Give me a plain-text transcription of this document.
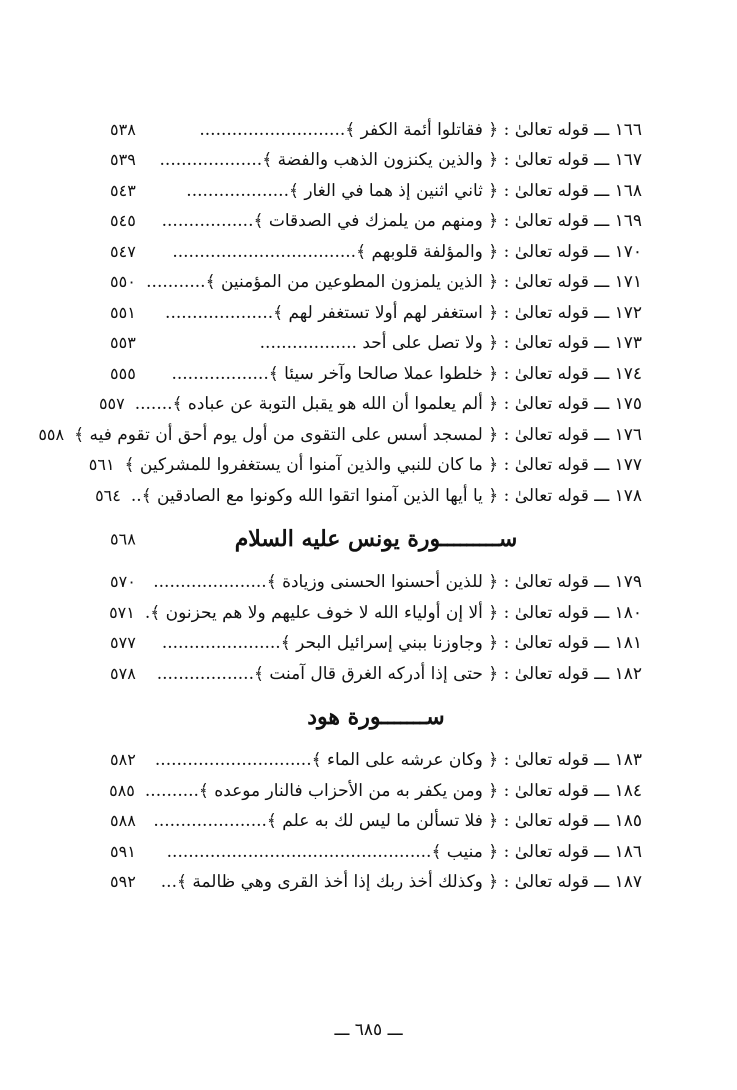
١٦٦ ـــ قوله تعالىٰ : ﴿ فقاتلوا أئمة الكفر ﴾...........................
٥٣٨
١٦٧ ـــ قوله تعالىٰ : ﴿ والذين يكنزون الذهب والفضة ﴾...................
٥٣٩
١٦٨ ـــ قوله تعالىٰ : ﴿ ثاني اثنين إذ هما في الغار ﴾...................
٥٤٣
١٦٩ ـــ قوله تعالىٰ : ﴿ ومنهم من يلمزك في الصدقات ﴾.................
٥٤٥
١٧٠ ـــ قوله تعالىٰ : ﴿ والمؤلفة قلوبهم ﴾..................................
٥٤٧
١٧١ ـــ قوله تعالىٰ : ﴿ الذين يلمزون المطوعين من المؤمنين ﴾...........
٥٥٠
١٧٢ ـــ قوله تعالىٰ : ﴿ استغفر لهم أولا تستغفر لهم ﴾....................
٥٥١
١٧٣ ـــ قوله تعالىٰ : ﴿ ولا تصل على أحد ..................
٥٥٣
١٧٤ ـــ قوله تعالىٰ : ﴿ خلطوا عملا صالحا وآخر سيئا ﴾..................
٥٥٥
١٧٥ ـــ قوله تعالىٰ : ﴿ ألم يعلموا أن الله هو يقبل التوبة عن عباده ﴾.......
٥٥٧
١٧٦ ـــ قوله تعالىٰ : ﴿ لمسجد أسس على التقوى من أول يوم أحق أن تقوم فيه ﴾
٥٥٨
١٧٧ ـــ قوله تعالىٰ : ﴿ ما كان للنبي والذين آمنوا أن يستغفروا للمشركين ﴾
٥٦١
١٧٨ ـــ قوله تعالىٰ : ﴿ يا أيها الذين آمنوا اتقوا الله وكونوا مع الصادقين ﴾..
٥٦٤
ســـــــــورة يونس عليه السلام
٥٦٨
١٧٩ ـــ قوله تعالىٰ : ﴿ للذين أحسنوا الحسنى وزيادة ﴾.....................
٥٧٠
١٨٠ ـــ قوله تعالىٰ : ﴿ ألا إن أولياء الله لا خوف عليهم ولا هم يحزنون ﴾.
٥٧١
١٨١ ـــ قوله تعالىٰ : ﴿ وجاوزنا ببني إسرائيل البحر ﴾......................
٥٧٧
١٨٢ ـــ قوله تعالىٰ : ﴿ حتى إذا أدركه الغرق قال آمنت ﴾..................
٥٧٨
ســـــــورة هود
١٨٣ ـــ قوله تعالىٰ : ﴿ وكان عرشه على الماء ﴾.............................
٥٨٢
١٨٤ ـــ قوله تعالىٰ : ﴿ ومن يكفر به من الأحزاب فالنار موعده ﴾..........
٥٨٥
١٨٥ ـــ قوله تعالىٰ : ﴿ فلا تسألن ما ليس لك به علم ﴾.....................
٥٨٨
١٨٦ ـــ قوله تعالىٰ : ﴿ منيب ﴾.................................................
٥٩١
١٨٧ ـــ قوله تعالىٰ : ﴿ وكذلك أخذ ربك إذا أخذ القرى وهي ظالمة ﴾...
٥٩٢
ـــ ٦٨٥ ـــ
